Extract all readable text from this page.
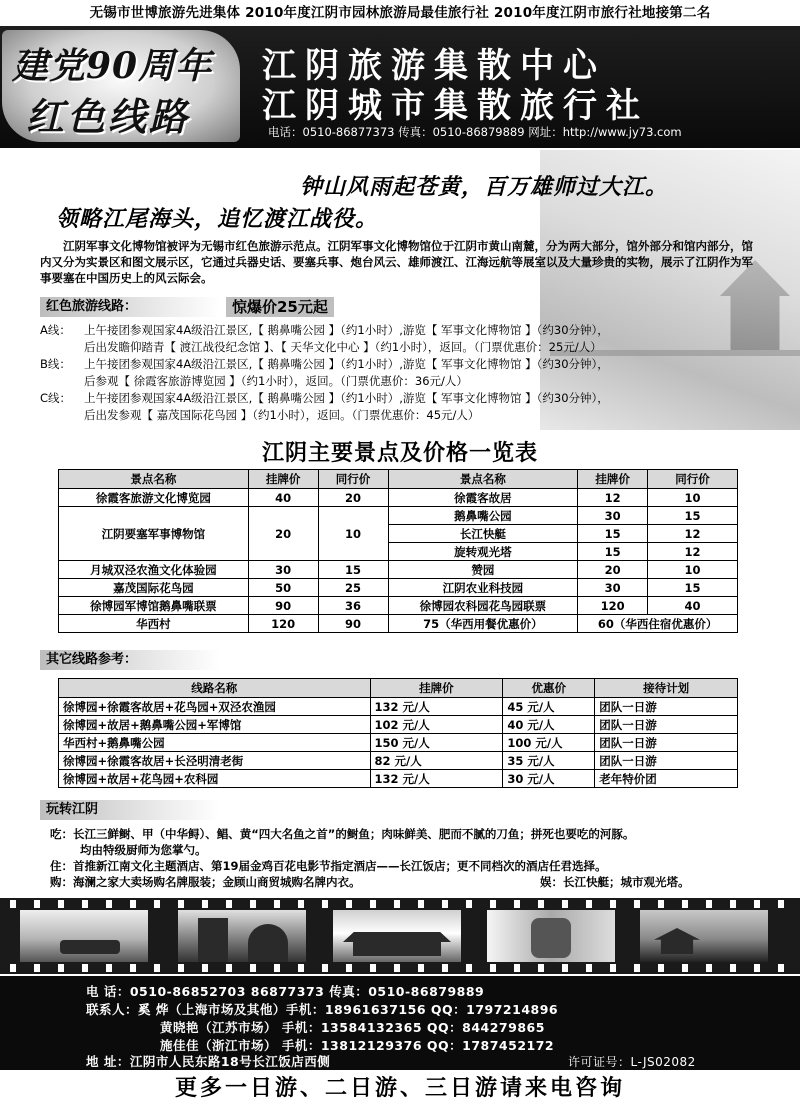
无锡市世博旅游先进集体 2010年度江阴市园林旅游局最佳旅行社 2010年度江阴市旅行社地接第二名
建党90周年
红色线路
江阴旅游集散中心
江阴城市集散旅行社
电话：0510-86877373 传真：0510-86879889 网址：http://www.jy73.com
钟山风雨起苍黄，百万雄师过大江。
领略江尾海头，追忆渡江战役。
江阴军事文化博物馆被评为无锡市红色旅游示范点。江阴军事文化博物馆位于江阴市黄山南麓，分为两大部分，馆外部分和馆内部分，馆内又分为实景区和图文展示区，它通过兵器史话、要塞兵事、炮台风云、雄师渡江、江海远航等展室以及大量珍贵的实物，展示了江阴作为军事要塞在中国历史上的风云际会。
红色旅游线路：	惊爆价25元起
A线： 上午接团参观国家4A级沿江景区,【 鹅鼻嘴公园 】（约1小时）,游览【 军事文化博物馆 】（约30分钟），
后出发瞻仰踏青【 渡江战役纪念馆 】、【 天华文化中心 】（约1小时），返回。（门票优惠价：25元/人）
B线： 上午接团参观国家4A级沿江景区,【 鹅鼻嘴公园 】（约1小时）,游览【 军事文化博物馆 】（约30分钟），
后参观【 徐霞客旅游博览园 】（约1小时），返回。（门票优惠价：36元/人）
C线： 上午接团参观国家4A级沿江景区,【 鹅鼻嘴公园 】（约1小时）,游览【 军事文化博物馆 】（约30分钟），
后出发参观【 嘉茂国际花鸟园 】（约1小时），返回。（门票优惠价：45元/人）
江阴主要景点及价格一览表
景点名称	挂牌价	同行价	景点名称	挂牌价	同行价
徐霞客旅游文化博览园	40	20	徐霞客故居	12	10
江阴要塞军事博物馆	20	10	鹅鼻嘴公园	30	15
			长江快艇	15	12
			旋转观光塔	15	12
月城双泾农渔文化体验园	30	15	赞园	20	10
嘉茂国际花鸟园	50	25	江阴农业科技园	30	15
徐博园军博馆鹅鼻嘴联票	90	36	徐博园农科园花鸟园联票	120	40
华西村	120	90	75（华西用餐优惠价）	60（华西住宿优惠价）	
其它线路参考：
线路名称	挂牌价	优惠价	接待计划
徐博园+徐霞客故居+花鸟园+双泾农渔园	132 元/人	45 元/人	团队一日游
徐博园+故居+鹅鼻嘴公园+军博馆	102 元/人	40 元/人	团队一日游
华西村+鹅鼻嘴公园	150 元/人	100 元/人	团队一日游
徐博园+徐霞客故居+长泾明清老街	82 元/人	35 元/人	团队一日游
徐博园+故居+花鸟园+农科园	132 元/人	30 元/人	老年特价团
玩转江阴
吃：长江三鲜鲥、甲（中华鲟）、鲳、黄“四大名鱼之首”的鲥鱼；肉味鲜美、肥而不腻的刀鱼；拼死也要吃的河豚。
均由特级厨师为您掌勺。
住：首推新江南文化主题酒店、第19届金鸡百花电影节指定酒店——长江饭店；更不同档次的酒店任君选择。
购：海澜之家大卖场购名牌服装；金顾山商贸城购名牌内衣。	娱：长江快艇；城市观光塔。
电 话：0510-86852703 86877373 传真：0510-86879889
联系人：奚 烨（上海市场及其他）手机：18961637156 QQ：1797214896
黄晓艳（江苏市场） 手机：13584132365 QQ：844279865
施佳佳（浙江市场） 手机：13812129376 QQ：1787452172
地 址：江阴市人民东路18号长江饭店西侧	许可证号：L-JS02082
更多一日游、二日游、三日游请来电咨询
